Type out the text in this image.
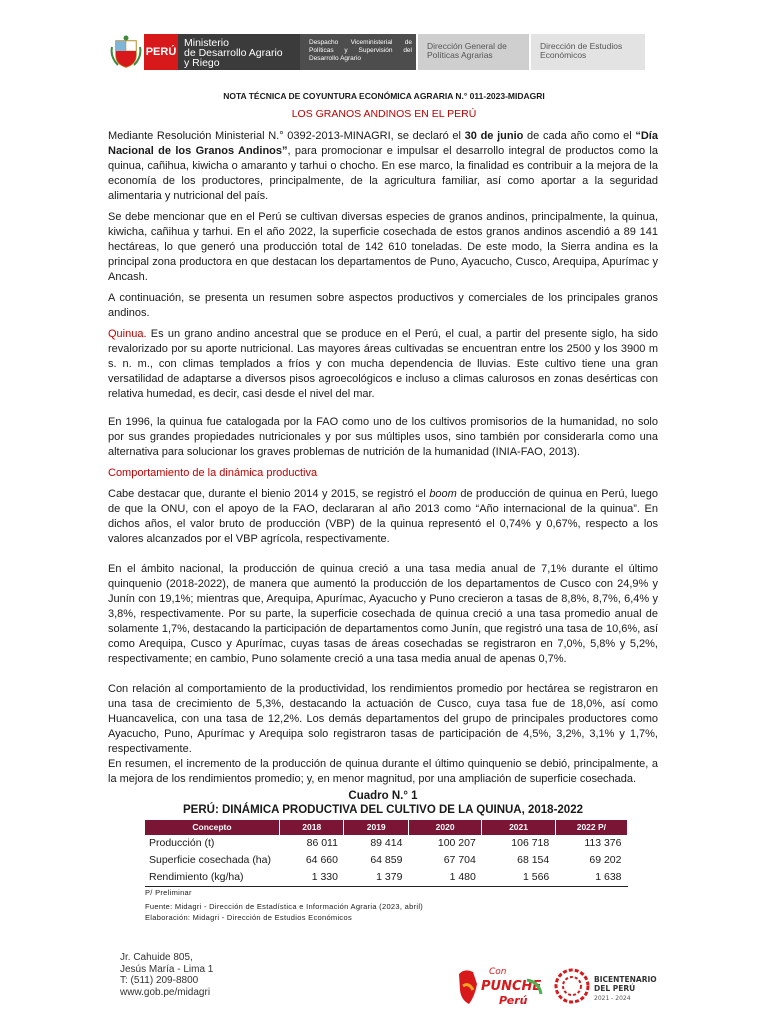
PERÚ
Ministerio
de Desarrollo Agrario
y Riego
Despacho Viceministerial de Políticas y Supervisión del Desarrollo Agrario
Dirección General de Políticas Agrarias
Dirección de Estudios Económicos
NOTA TÉCNICA DE COYUNTURA ECONÓMICA AGRARIA N.° 011-2023-MIDAGRI
LOS GRANOS ANDINOS EN EL PERÚ

Mediante Resolución Ministerial N.° 0392-2013-MINAGRI, se declaró el 30 de junio de cada año como el “Día Nacional de los Granos Andinos”, para promocionar e impulsar el desarrollo integral de productos como la quinua, cañihua, kiwicha o amaranto y tarhui o chocho. En ese marco, la finalidad es contribuir a la mejora de la economía de los productores, principalmente, de la agricultura familiar, así como aportar a la seguridad alimentaria y nutricional del país.

Se debe mencionar que en el Perú se cultivan diversas especies de granos andinos, principalmente, la quinua, kiwicha, cañihua y tarhui. En el año 2022, la superficie cosechada de estos granos andinos ascendió a 89 141 hectáreas, lo que generó una producción total de 142 610 toneladas. De este modo, la Sierra andina es la principal zona productora en que destacan los departamentos de Puno, Ayacucho, Cusco, Arequipa, Apurímac y Ancash.

A continuación, se presenta un resumen sobre aspectos productivos y comerciales de los principales granos andinos.

Quinua. Es un grano andino ancestral que se produce en el Perú, el cual, a partir del presente siglo, ha sido revalorizado por su aporte nutricional. Las mayores áreas cultivadas se encuentran entre los 2500 y los 3900 m s. n. m., con climas templados a fríos y con mucha dependencia de lluvias. Este cultivo tiene una gran versatilidad de adaptarse a diversos pisos agroecológicos e incluso a climas calurosos en zonas desérticas con relativa humedad, es decir, casi desde el nivel del mar.

En 1996, la quinua fue catalogada por la FAO como uno de los cultivos promisorios de la humanidad, no solo por sus grandes propiedades nutricionales y por sus múltiples usos, sino también por considerarla como una alternativa para solucionar los graves problemas de nutrición de la humanidad (INIA-FAO, 2013).

Comportamiento de la dinámica productiva

Cabe destacar que, durante el bienio 2014 y 2015, se registró el boom de producción de quinua en Perú, luego de que la ONU, con el apoyo de la FAO, declararan al año 2013 como “Año internacional de la quinua”. En dichos años, el valor bruto de producción (VBP) de la quinua representó el 0,74% y 0,67%, respecto a los valores alcanzados por el VBP agrícola, respectivamente.

En el ámbito nacional, la producción de quinua creció a una tasa media anual de 7,1% durante el último quinquenio (2018-2022), de manera que aumentó la producción de los departamentos de Cusco con 24,9% y Junín con 19,1%; mientras que, Arequipa, Apurímac, Ayacucho y Puno crecieron a tasas de 8,8%, 8,7%, 6,4% y 3,8%, respectivamente. Por su parte, la superficie cosechada de quinua creció a una tasa promedio anual de solamente 1,7%, destacando la participación de departamentos como Junín, que registró una tasa de 10,6%, así como Arequipa, Cusco y Apurímac, cuyas tasas de áreas cosechadas se registraron en 7,0%, 5,8% y 5,2%, respectivamente; en cambio, Puno solamente creció a una tasa media anual de apenas 0,7%.

Con relación al comportamiento de la productividad, los rendimientos promedio por hectárea se registraron en una tasa de crecimiento de 5,3%, destacando la actuación de Cusco, cuya tasa fue de 18,0%, así como Huancavelica, con una tasa de 12,2%. Los demás departamentos del grupo de principales productores como Ayacucho, Puno, Apurímac y Arequipa solo registraron tasas de participación de 4,5%, 3,2%, 3,1% y 1,7%, respectivamente.

En resumen, el incremento de la producción de quinua durante el último quinquenio se debió, principalmente, a la mejora de los rendimientos promedio; y, en menor magnitud, por una ampliación de superficie cosechada.

Cuadro N.° 1
PERÚ: DINÁMICA PRODUCTIVA DEL CULTIVO DE LA QUINUA, 2018-2022
Concepto	2018	2019	2020	2021	2022 P/
Producción (t)	86 011	89 414	100 207	106 718	113 376
Superficie cosechada (ha)	64 660	64 859	67 704	68 154	69 202
Rendimiento (kg/ha)	1 330	1 379	1 480	1 566	1 638
P/ Preliminar
Fuente: Midagri - Dirección de Estadística e Información Agraria (2023, abril)
Elaboración: Midagri - Dirección de Estudios Económicos
Jr. Cahuide 805,
Jesús María - Lima 1
T: (511) 209-8800
www.gob.pe/midagri
Con
PUNCHE
Perú
BICENTENARIO
DEL PERÚ
2021 - 2024
